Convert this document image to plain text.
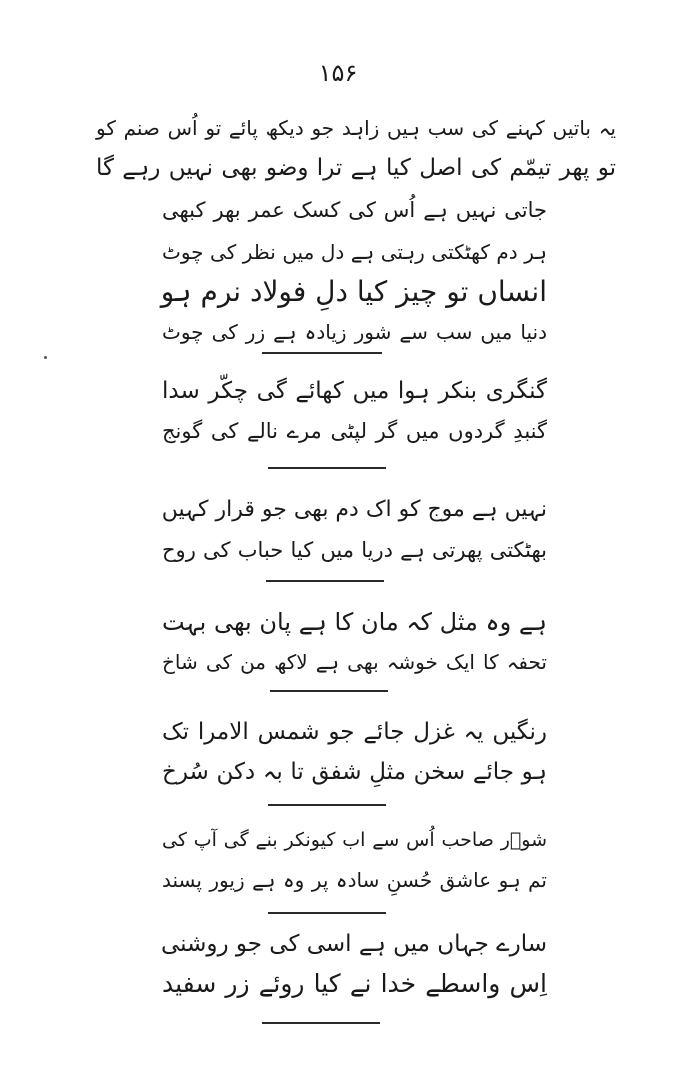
۱۵۶
یہ باتیں کہنے کی سب ہیں زاہد جو دیکھ پائے تو اُس صنم کو
تو پھر تیمّم کی اصل کیا ہے ترا وضو بھی نہیں رہے گا
جاتی نہیں ہے اُس کی کسک عمر بھر کبھی
ہر دم کھٹکتی رہتی ہے دل میں نظر کی چوٹ
انساں تو چیز کیا دلِ فولاد نرم ہو
دنیا میں سب سے شور زیادہ ہے زر کی چوٹ
گنگری بنکر ہوا میں کھائے گی چکّر سدا
گنبدِ گردوں میں گر لپٹی مرے نالے کی گونج
نہیں ہے موج کو اک دم بھی جو قرار کہیں
بھٹکتی پھرتی ہے دریا میں کیا حباب کی روح
ہے وہ مثل کہ مان کا ہے پان بھی بہت
تحفہ کا ایک خوشہ بھی ہے لاکھ من کی شاخ
رنگیں یہ غزل جائے جو شمس الامرا تک
ہو جائے سخن مثلِ شفق تا بہ دکن سُرخ
شوؔر صاحب اُس سے اب کیونکر بنے گی آپ کی
تم ہو عاشق حُسنِ سادہ پر وہ ہے زیور پسند
سارے جہاں میں ہے اسی کی جو روشنی
اِس واسطے خدا نے کیا روئے زر سفید
